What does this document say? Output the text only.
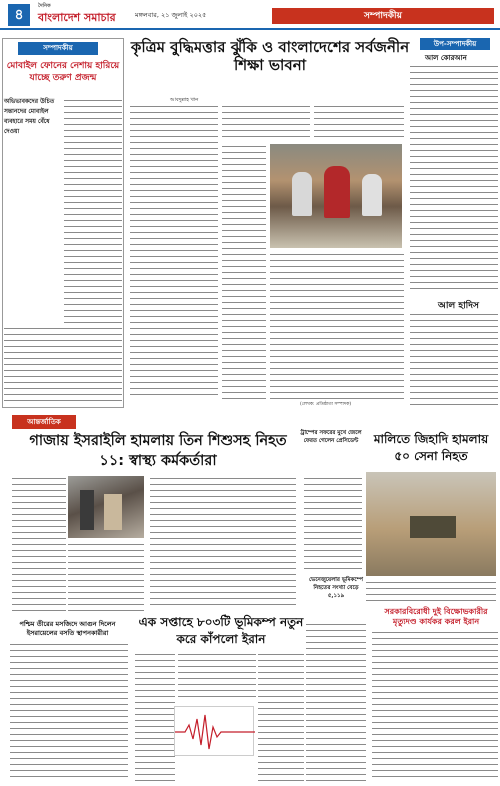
৪
দৈনিক
বাংলাদেশ সমাচার	মঙ্গলবার, ২১ জুলাই ২০২৫	সম্পাদকীয়
সম্পাদকীয়
মোবাইল ফোনের নেশায় হারিয়ে যাচ্ছে তরুণ প্রজন্ম
অভিভাবকদের উচিত সন্তানদের মোবাইল ব্যবহারে সময় বেঁধে দেওয়া
কৃত্রিম বুদ্ধিমত্তার ঝুঁকি ও বাংলাদেশের সর্বজনীন শিক্ষা ভাবনা
আবদুল্লাহ খান
(লেখক: প্রতিষ্ঠাতা সম্পাদক)
উপ-সম্পাদকীয়
আল কোরআন
আল হাদিস
আন্তর্জাতিক
গাজায় ইসরাইলি হামলায় তিন শিশুসহ নিহত ১১: স্বাস্থ্য কর্মকর্তারা
ট্রাম্পের সফরের মুখে জেলে ফেরত গেলেন প্রেসিডেন্ট	মালিতে জিহাদি হামলায় ৫০ সেনা নিহত
ভেনেজুয়েলার ভূমিকম্পে নিহতের সংখ্যা বেড়ে ৫,১১৯
সরকারবিরোধী দুই বিক্ষোভকারীর মৃত্যুদণ্ড কার্যকর করল ইরান
পশ্চিম তীরের মসজিদে আগুন দিলেন ইসরায়েলের বসতি স্থাপনকারীরা
এক সপ্তাহে ৮০৩টি ভূমিকম্প নতুন করে কাঁপলো ইরান
